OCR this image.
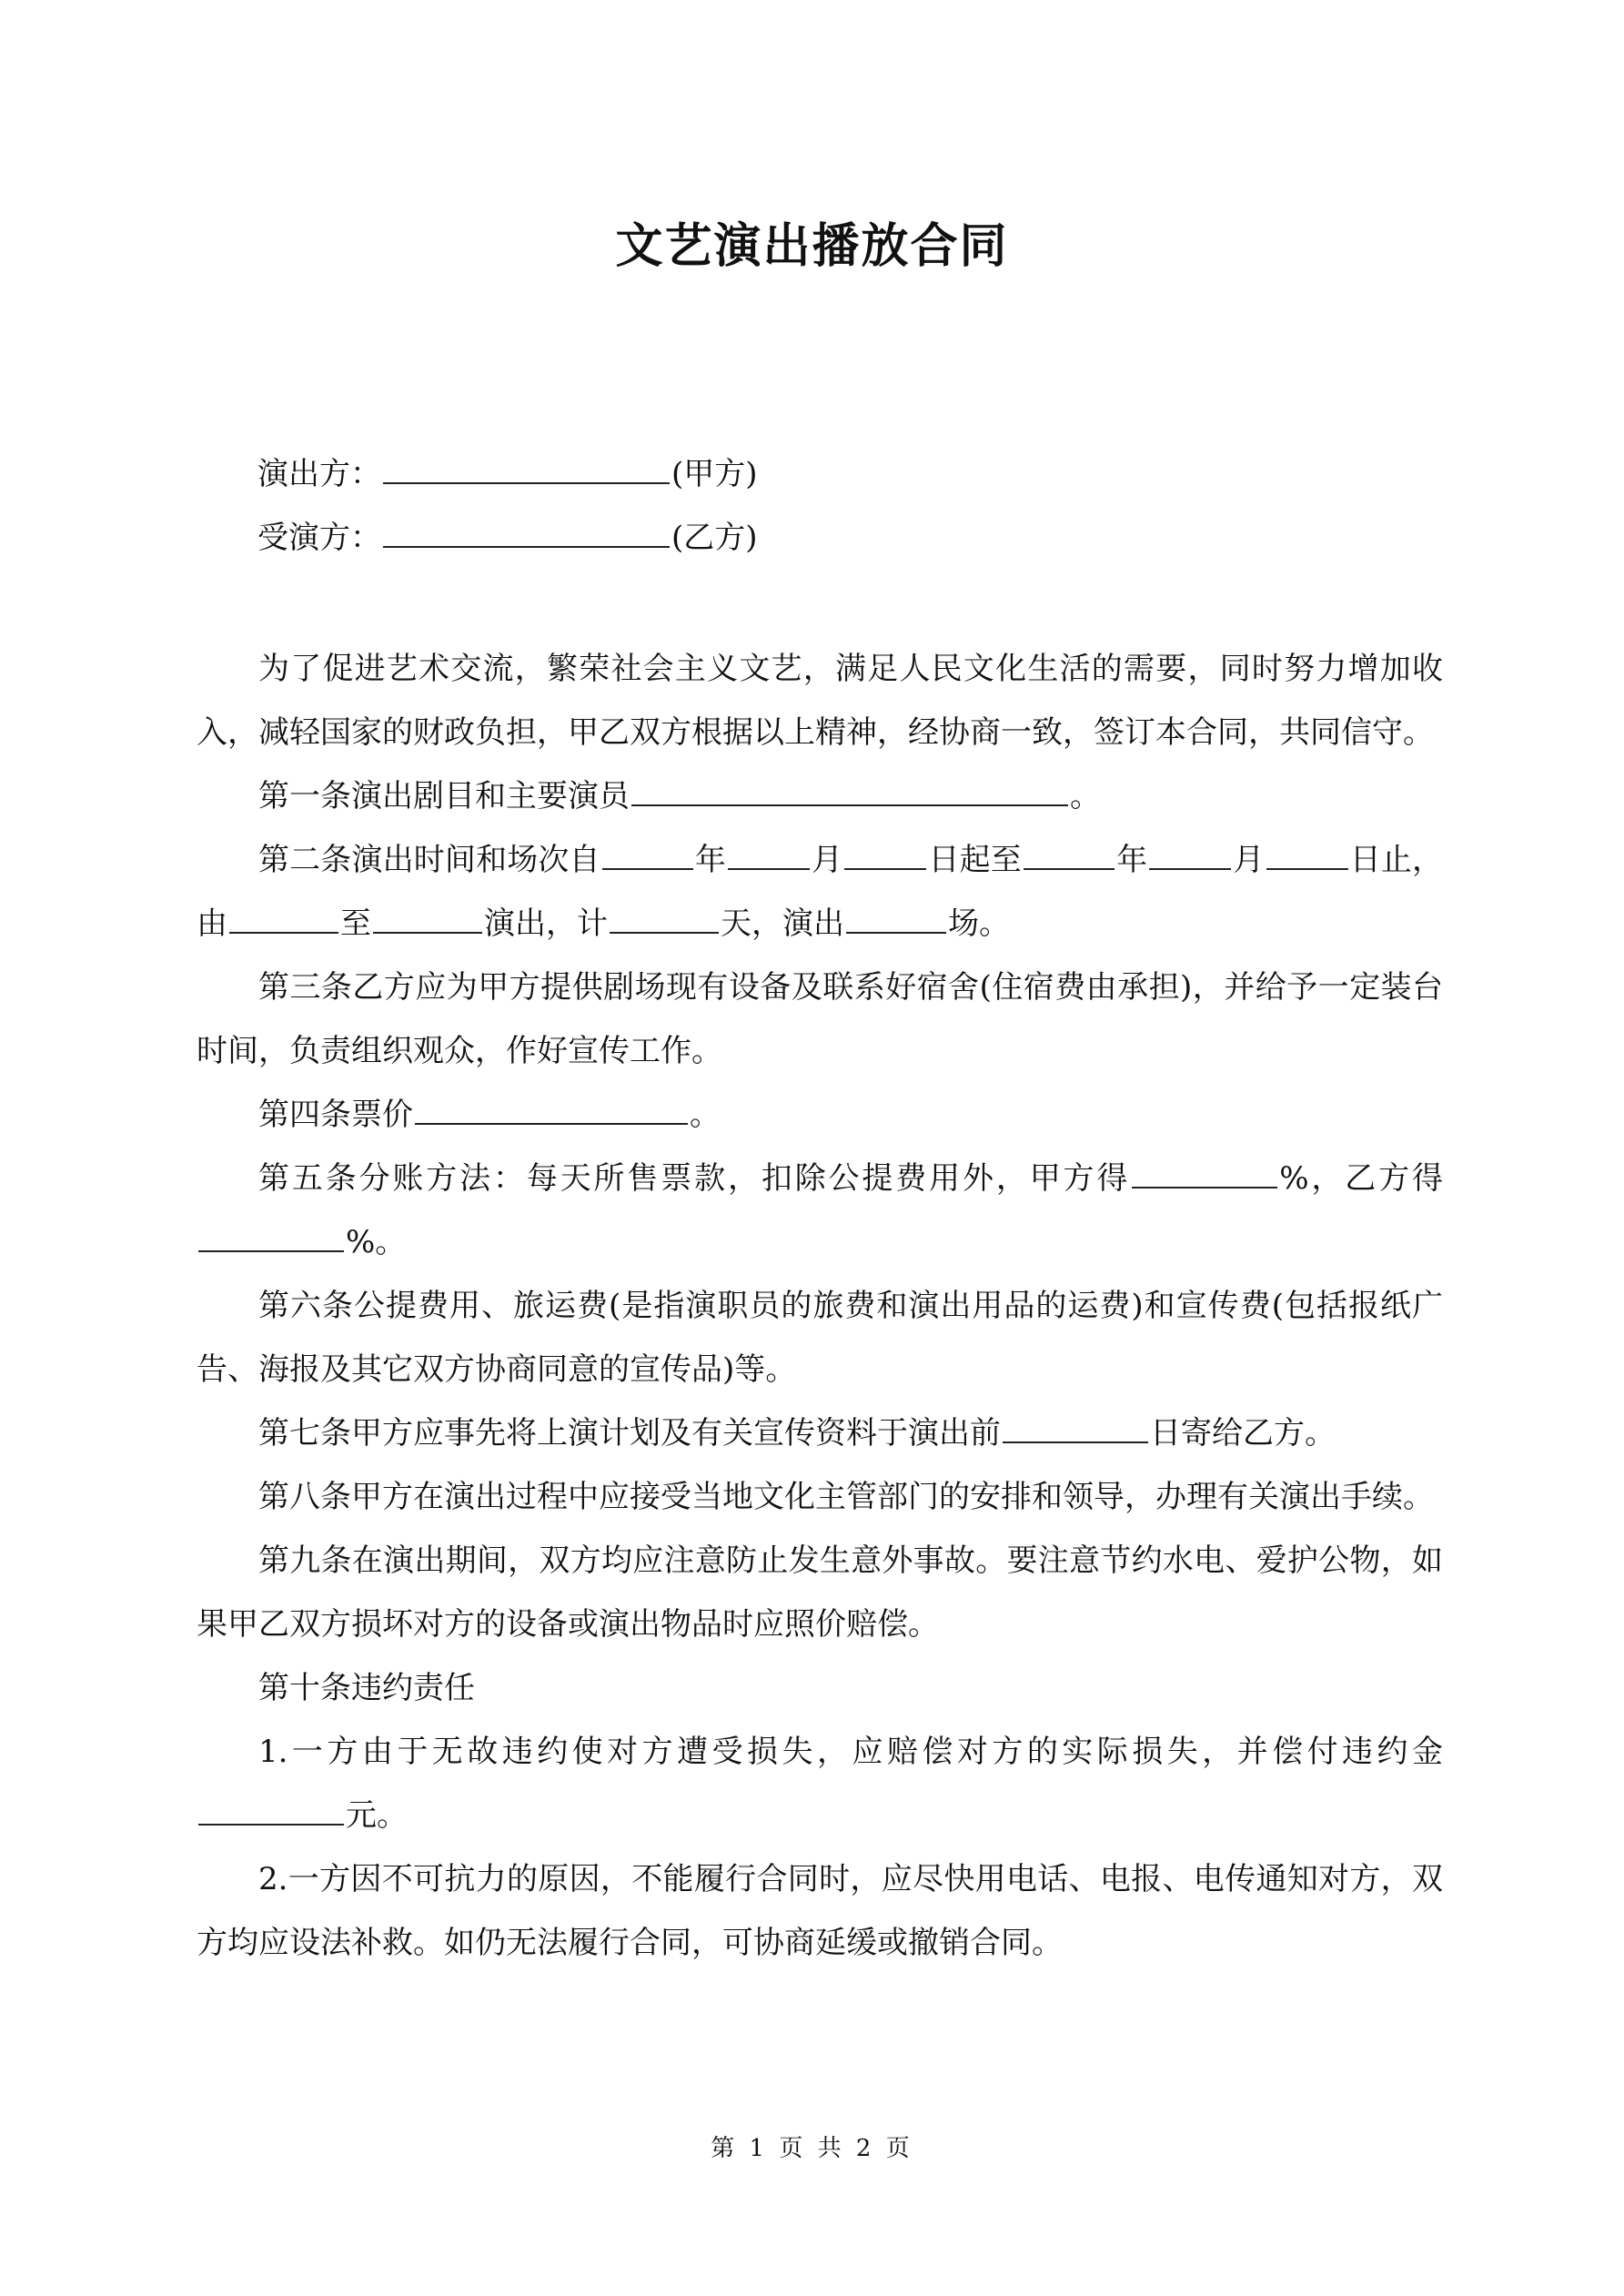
文艺演出播放合同
演出方：	(甲方)
受演方：	(乙方)

为了促进艺术交流，繁荣社会主义文艺，满足人民文化生活的需要，同时努力增加收入，减轻国家的财政负担，甲乙双方根据以上精神，经协商一致，签订本合同，共同信守。

第一条演出剧目和主要演员	。

第二条演出时间和场次自	年	月	日起至	年	月	日止，由	至	演出，计	天，演出	场。

第三条乙方应为甲方提供剧场现有设备及联系好宿舍(住宿费由承担)，并给予一定装台时间，负责组织观众，作好宣传工作。

第四条票价	。

第五条分账方法：每天所售票款，扣除公提费用外，甲方得	%，乙方得%。

第六条公提费用、旅运费(是指演职员的旅费和演出用品的运费)和宣传费(包括报纸广告、海报及其它双方协商同意的宣传品)等。

第七条甲方应事先将上演计划及有关宣传资料于演出前	日寄给乙方。

第八条甲方在演出过程中应接受当地文化主管部门的安排和领导，办理有关演出手续。

第九条在演出期间，双方均应注意防止发生意外事故。要注意节约水电、爱护公物，如果甲乙双方损坏对方的设备或演出物品时应照价赔偿。

第十条违约责任

1.一方由于无故违约使对方遭受损失，应赔偿对方的实际损失，并偿付违约金元。

2.一方因不可抗力的原因，不能履行合同时，应尽快用电话、电报、电传通知对方，双方均应设法补救。如仍无法履行合同，可协商延缓或撤销合同。

第 1 页 共 2 页
